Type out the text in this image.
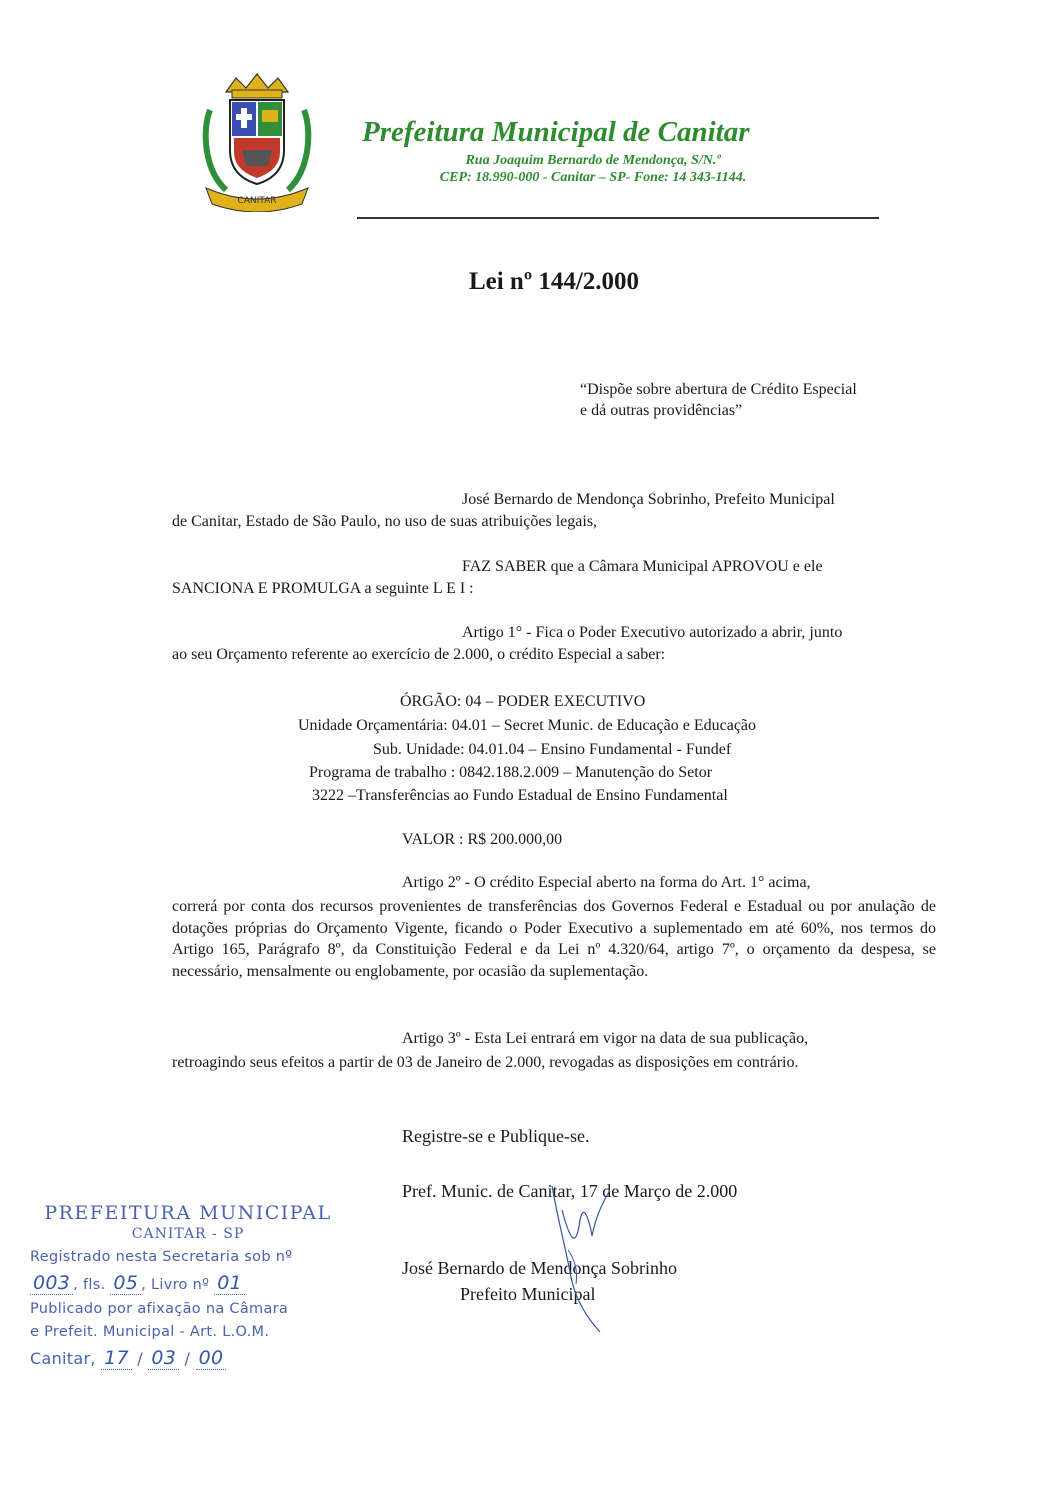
CANITAR
Prefeitura Municipal de Canitar
Rua Joaquim Bernardo de Mendonça, S/N.º
CEP: 18.990-000 - Canitar – SP- Fone: 14 343-1144.
Lei nº 144/2.000
“Dispõe sobre abertura de Crédito Especial
e dá outras providências”
José Bernardo de Mendonça Sobrinho, Prefeito Municipal
de Canitar, Estado de São Paulo, no uso de suas atribuições legais,
FAZ SABER que a Câmara Municipal APROVOU e ele
SANCIONA E PROMULGA a seguinte L E I :
Artigo 1° - Fica o Poder Executivo autorizado a abrir, junto
ao seu Orçamento referente ao exercício de 2.000, o crédito Especial a saber:
ÓRGÃO: 04 – PODER EXECUTIVO
Unidade Orçamentária: 04.01 – Secret Munic. de Educação e Educação
Sub. Unidade: 04.01.04 – Ensino Fundamental - Fundef
Programa de trabalho : 0842.188.2.009 – Manutenção do Setor
3222 –Transferências ao Fundo Estadual de Ensino Fundamental
VALOR : R$ 200.000,00
Artigo 2º - O crédito Especial aberto na forma do Art. 1° acima,
correrá por conta dos recursos provenientes de transferências dos Governos Federal e Estadual ou por anulação de dotações próprias do Orçamento Vigente, ficando o Poder Executivo a suplementado em até 60%, nos termos do Artigo 165, Parágrafo 8º, da Constituição Federal e da Lei nº 4.320/64, artigo 7º, o orçamento da despesa, se necessário, mensalmente ou englobamente, por ocasião da suplementação.
Artigo 3º - Esta Lei entrará em vigor na data de sua publicação,
retroagindo seus efeitos a partir de 03 de Janeiro de 2.000, revogadas as disposições em contrário.
Registre-se e Publique-se.
Pref. Munic. de Canitar, 17 de Março de 2.000
José Bernardo de Mendonça Sobrinho
Prefeito Municipal
PREFEITURA MUNICIPAL
CANITAR - SP
Registrado nesta Secretaria sob nº
003 , fls. 05 , Livro nº 01
Publicado por afixação na Câmara
e Prefeit. Municipal - Art. L.O.M.
Canitar, 17 / 03 / 00
